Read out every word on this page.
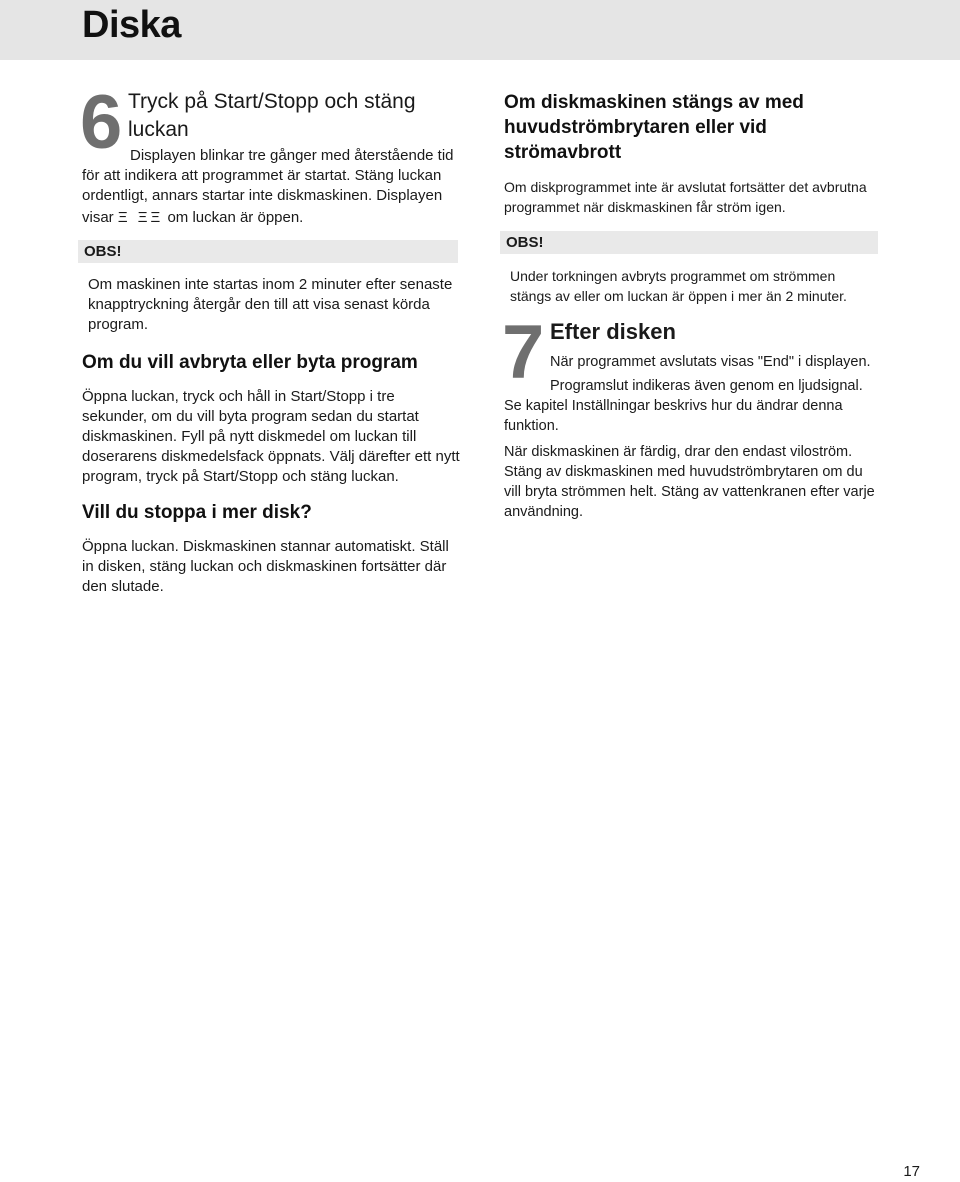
Diska
6 Tryck på Start/Stopp och stäng luckan

Displayen blinkar tre gånger med återstående tid

för att indikera att programmet är startat. Stäng luckan ordentligt, annars startar inte diskmaskinen. Displayen

visar Ξ ΞΞ om luckan är öppen.

OBS!

Om maskinen inte startas inom 2 minuter efter senaste knapptryckning återgår den till att visa senast körda program.

Om du vill avbryta eller byta program

Öppna luckan, tryck och håll in Start/Stopp i tre sekunder, om du vill byta program sedan du startat diskmaskinen. Fyll på nytt diskmedel om luckan till doserarens diskmedelsfack öppnats. Välj därefter ett nytt program, tryck på Start/Stopp och stäng luckan.

Vill du stoppa i mer disk?

Öppna luckan. Diskmaskinen stannar automatiskt. Ställ in disken, stäng luckan och diskmaskinen fortsätter där den slutade.

Om diskmaskinen stängs av med huvudströmbrytaren eller vid strömavbrott

Om diskprogrammet inte är avslutat fortsätter det avbrutna programmet när diskmaskinen får ström igen.

OBS!

Under torkningen avbryts programmet om strömmen stängs av eller om luckan är öppen i mer än 2 minuter.

7 Efter disken

När programmet avslutats visas "End" i displayen.

Programslut indikeras även genom en ljudsignal.

Se kapitel Inställningar beskrivs hur du ändrar denna funktion.

När diskmaskinen är färdig, drar den endast viloström. Stäng av diskmaskinen med huvudströmbrytaren om du vill bryta strömmen helt. Stäng av vattenkranen efter varje användning.

17
